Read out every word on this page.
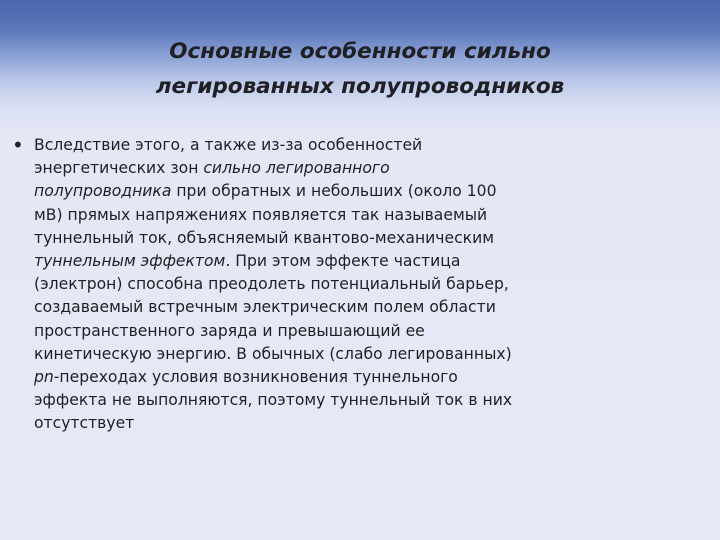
Основные особенности сильно
легированных полупроводников
• Вследствие этого, а также из-за особенностей
энергетических зон сильно легированного
полупроводника при обратных и небольших (около 100
мВ) прямых напряжениях появляется так называемый
туннельный ток, объясняемый квантово-механическим
туннельным эффектом. При этом эффекте частица
(электрон) способна преодолеть потенциальный барьер,
создаваемый встречным электрическим полем области
пространственного заряда и превышающий ее
кинетическую энергию. В обычных (слабо легированных)
pn-переходах условия возникновения туннельного
эффекта не выполняются, поэтому туннельный ток в них
отсутствует
